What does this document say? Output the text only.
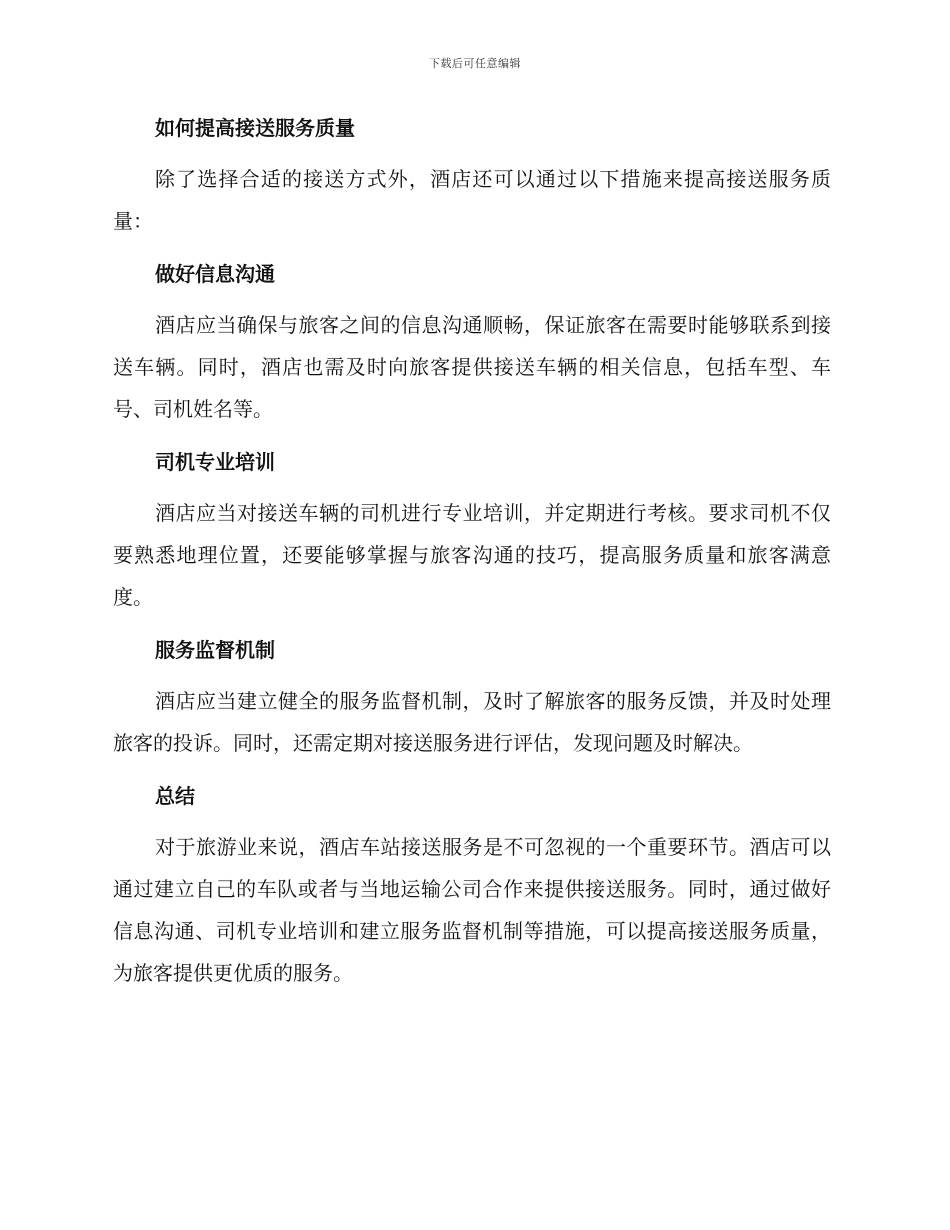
下载后可任意编辑
如何提高接送服务质量

除了选择合适的接送方式外，酒店还可以通过以下措施来提高接送服务质量：

做好信息沟通

酒店应当确保与旅客之间的信息沟通顺畅，保证旅客在需要时能够联系到接送车辆。同时，酒店也需及时向旅客提供接送车辆的相关信息，包括车型、车号、司机姓名等。

司机专业培训

酒店应当对接送车辆的司机进行专业培训，并定期进行考核。要求司机不仅要熟悉地理位置，还要能够掌握与旅客沟通的技巧，提高服务质量和旅客满意度。

服务监督机制

酒店应当建立健全的服务监督机制，及时了解旅客的服务反馈，并及时处理旅客的投诉。同时，还需定期对接送服务进行评估，发现问题及时解决。

总结

对于旅游业来说，酒店车站接送服务是不可忽视的一个重要环节。酒店可以通过建立自己的车队或者与当地运输公司合作来提供接送服务。同时，通过做好信息沟通、司机专业培训和建立服务监督机制等措施，可以提高接送服务质量，为旅客提供更优质的服务。
